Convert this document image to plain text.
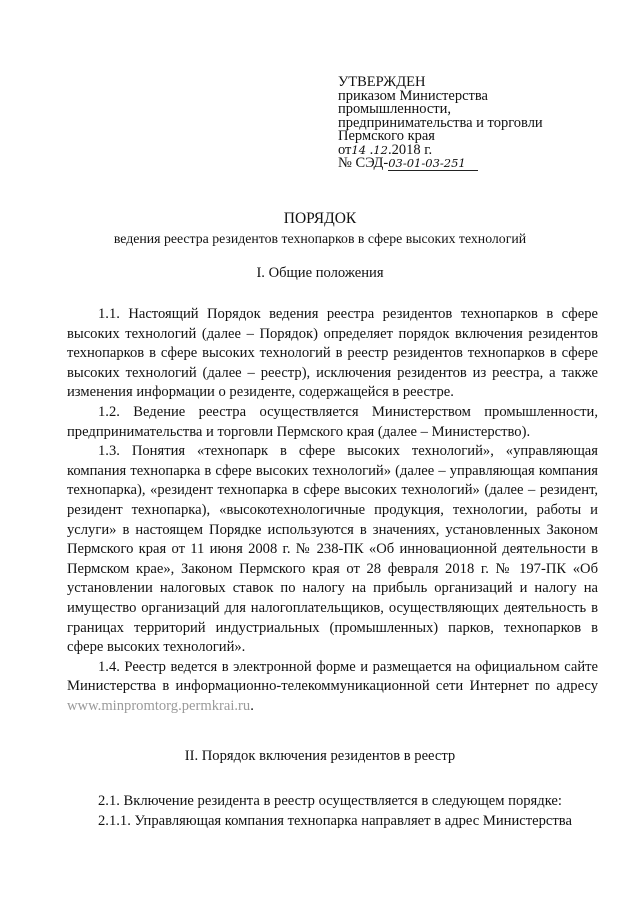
УТВЕРЖДЕН
приказом Министерства
промышленности,
предпринимательства и торговли
Пермского края
от14 .12.2018 г.
№ СЭД-03-01-03-251
ПОРЯДОК
ведения реестра резидентов технопарков в сфере высоких технологий
I. Общие положения

1.1. Настоящий Порядок ведения реестра резидентов технопарков в сфере высоких технологий (далее – Порядок) определяет порядок включения резидентов технопарков в сфере высоких технологий в реестр резидентов технопарков в сфере высоких технологий (далее – реестр), исключения резидентов из реестра, а также изменения информации о резиденте, содержащейся в реестре.

1.2. Ведение реестра осуществляется Министерством промышленности, предпринимательства и торговли Пермского края (далее – Министерство).

1.3. Понятия «технопарк в сфере высоких технологий», «управляющая компания технопарка в сфере высоких технологий» (далее – управляющая компания технопарка), «резидент технопарка в сфере высоких технологий» (далее – резидент, резидент технопарка), «высокотехнологичные продукция, технологии, работы и услуги» в настоящем Порядке используются в значениях, установленных Законом Пермского края от 11 июня 2008 г. № 238-ПК «Об инновационной деятельности в Пермском крае», Законом Пермского края от 28 февраля 2018 г. № 197-ПК «Об установлении налоговых ставок по налогу на прибыль организаций и налогу на имущество организаций для налогоплательщиков, осуществляющих деятельность в границах территорий индустриальных (промышленных) парков, технопарков в сфере высоких технологий».

1.4. Реестр ведется в электронной форме и размещается на официальном сайте Министерства в информационно-телекоммуникационной сети Интернет по адресу www.minpromtorg.permkrai.ru.

II. Порядок включения резидентов в реестр

2.1. Включение резидента в реестр осуществляется в следующем порядке:

2.1.1. Управляющая компания технопарка направляет в адрес Министерства
